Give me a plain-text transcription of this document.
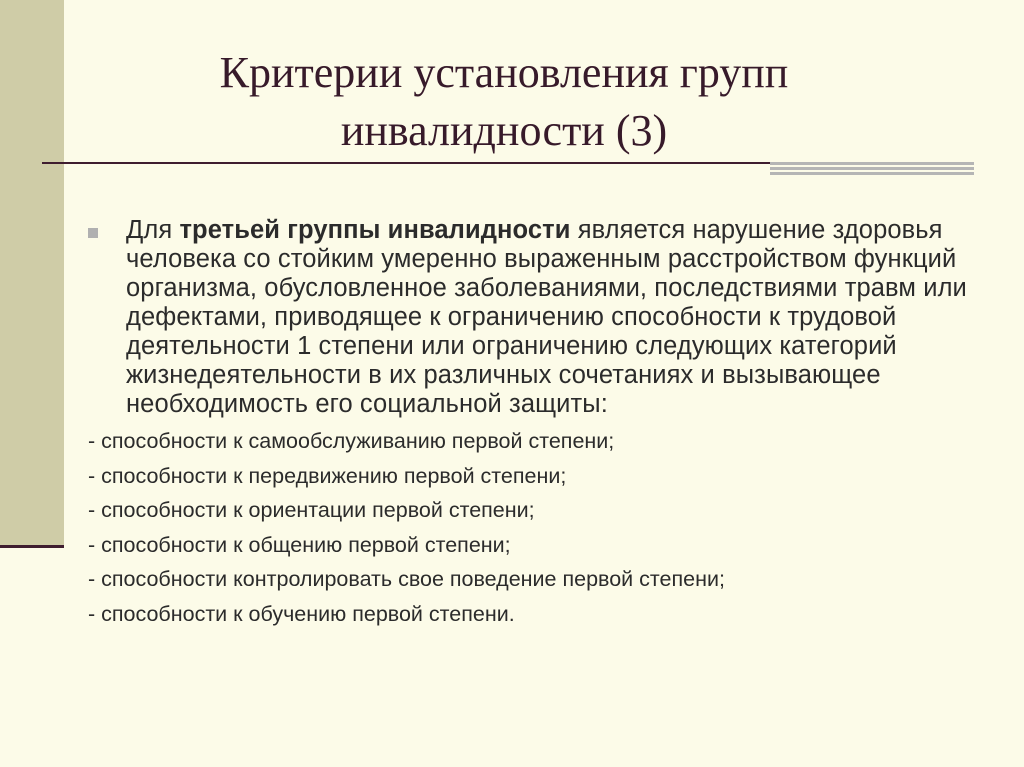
Критерии установления групп
инвалидности (3)
Для третьей группы инвалидности является нарушение здоровья человека со стойким умеренно выраженным расстройством функций организма, обусловленное заболеваниями, последствиями травм или дефектами, приводящее к ограничению способности к трудовой деятельности 1 степени или ограничению следующих категорий жизнедеятельности в их различных сочетаниях и вызывающее необходимость его социальной защиты:
- способности к самообслуживанию первой степени;
- способности к передвижению первой степени;
- способности к ориентации первой степени;
- способности к общению первой степени;
- способности контролировать свое поведение первой степени;
- способности к обучению первой степени.
